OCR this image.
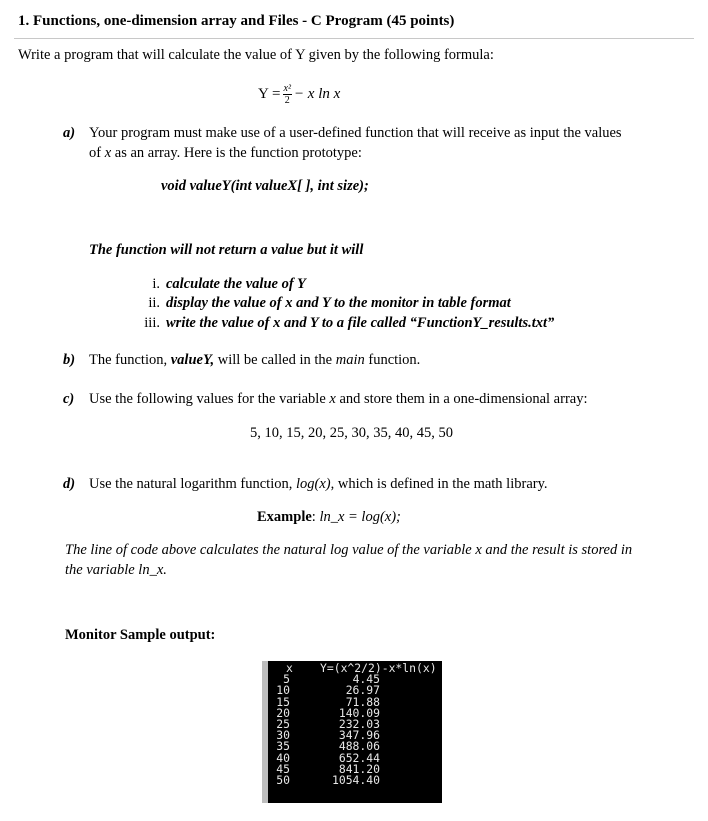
1. Functions, one-dimension array and Files - C Program (45 points)
Write a program that will calculate the value of Y given by the following formula:
$Y = \frac{\text{x²}}{2} - x$ ln x
a) Your program must make use of a user-defined function that will receive as input the values
of x as an array. Here is the function prototype:
void valueY(int valueX[ ], int size);
The function will not return a value but it will
i. calculate the value of Y
ii. display the value of x and Y to the monitor in table format
iii. write the value of x and Y to a file called “FunctionY_results.txt”
b) The function, valueY, will be called in the main function.
c) Use the following values for the variable x and store them in a one-dimensional array:
5, 10, 15, 20, 25, 30, 35, 40, 45, 50
d) Use the natural logarithm function, log(x), which is defined in the math library.
Example: ln_x = log(x);
The line of code above calculates the natural log value of the variable x and the result is stored in
the variable ln_x.
Monitor Sample output:
x Y=(x^2/2)-x*ln(x)
5	4.45
10	26.97
15	71.88
20	140.09
25	232.03
30	347.96
35	488.06
40	652.44
45	841.20
50	1054.40
